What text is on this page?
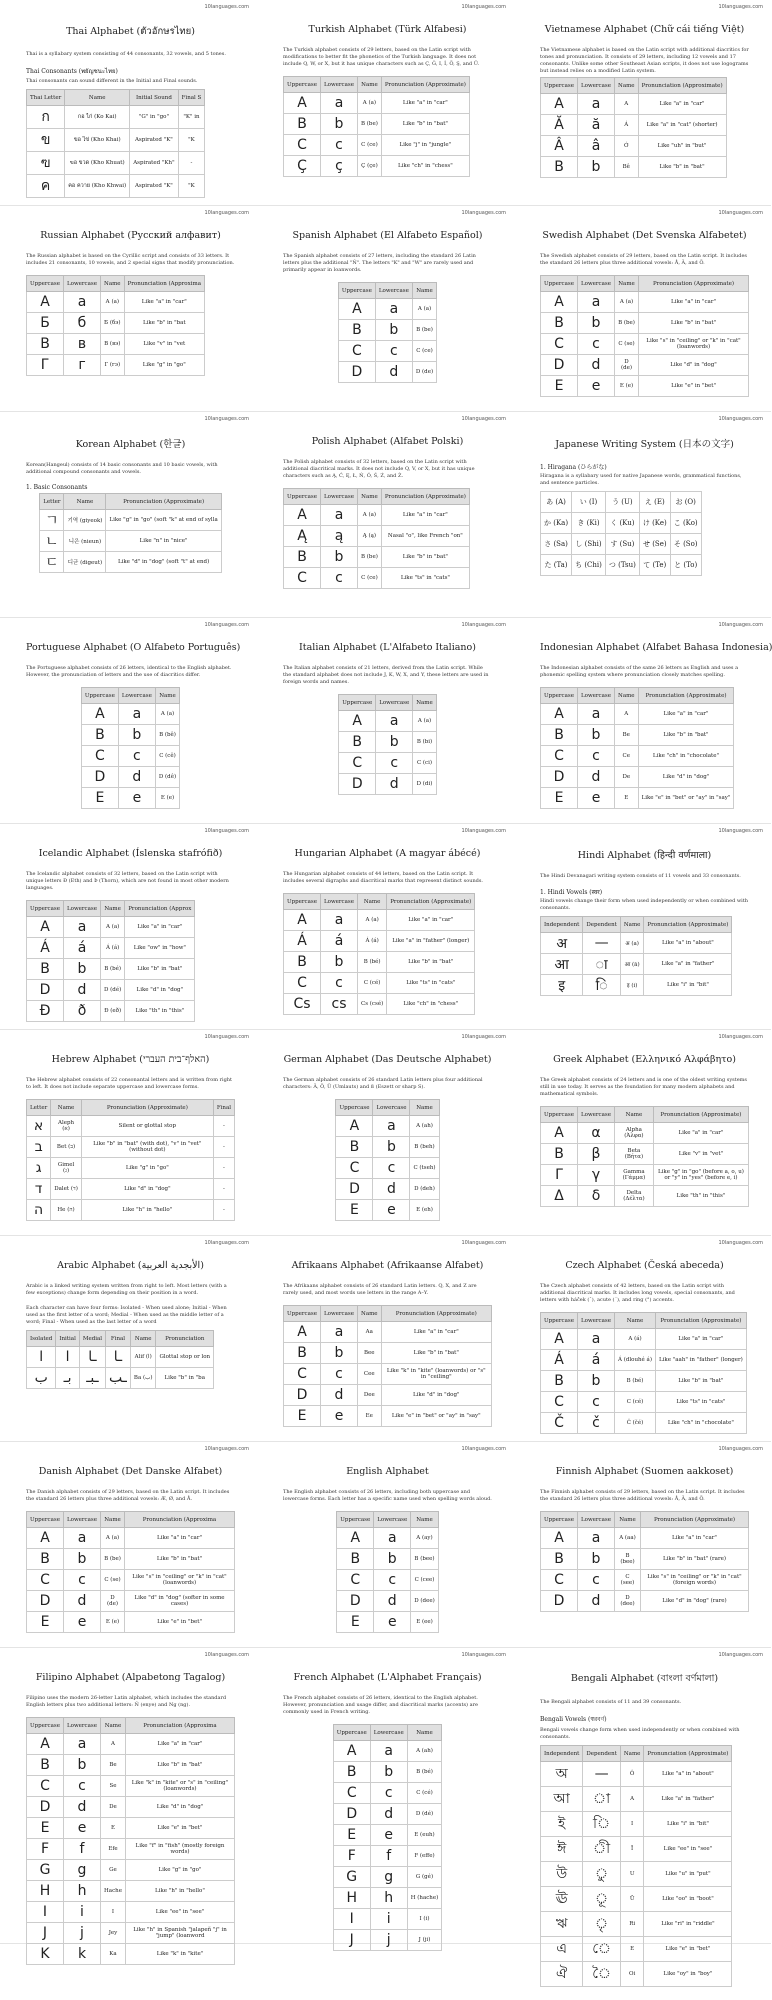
10languages.com
Thai Alphabet (ตัวอักษรไทย)
Thai is a syllabary system consisting of 44 consonants, 32 vowels, and 5 tones.
Thai Consonants (พยัญชนะไทย)
Thai consonants can sound different in the Initial and Final sounds.
Thai Letter	Name	Initial Sound	Final S
ก	กอ ไก่ (Ko Kai)	"G" in "go"	"K" in
ข	ขอ ไข่ (Kho Khai)	Aspirated "K"	"K
ฃ	ฃอ ขวด (Kho Khuat)	Aspirated "Kh"	-
ค	คอ ควาย (Kho Khwai)	Aspirated "K"	"K
10languages.com
Turkish Alphabet (Türk Alfabesi)
The Turkish alphabet consists of 29 letters, based on the Latin script with modifications to better fit the phonetics of the Turkish language. It does not include Q, W, or X, but it has unique characters such as Ç, Ğ, I, İ, Ö, Ş, and Ü.
Uppercase	Lowercase	Name	Pronunciation (Approximate)
A	a	A (a)	Like "a" in "car"
B	b	B (be)	Like "b" in "bat"
C	c	C (ce)	Like "j" in "jungle"
Ç	ç	Ç (çe)	Like "ch" in "chess"
10languages.com
Vietnamese Alphabet (Chữ cái tiếng Việt)
The Vietnamese alphabet is based on the Latin script with additional diacritics for tones and pronunciation. It consists of 29 letters, including 12 vowels and 17 consonants. Unlike some other Southeast Asian scripts, it does not use logograms but instead relies on a modified Latin system.
Uppercase	Lowercase	Name	Pronunciation (Approximate)
A	a	A	Like "a" in "car"
Ă	ă	Á	Like "a" in "cat" (shorter)
Â	â	Ớ	Like "uh" in "but"
B	b	Bê	Like "b" in "bat"
10languages.com
Russian Alphabet (Русский алфавит)
The Russian alphabet is based on the Cyrillic script and consists of 33 letters. It includes 21 consonants, 10 vowels, and 2 special signs that modify pronunciation.
Uppercase	Lowercase	Name	Pronunciation (Approxima
А	а	А (а)	Like "a" in "car"
Б	б	Б (бэ)	Like "b" in "bat
В	в	В (вэ)	Like "v" in "vet
Г	г	Г (гэ)	Like "g" in "go"
10languages.com
Spanish Alphabet (El Alfabeto Español)
The Spanish alphabet consists of 27 letters, including the standard 26 Latin letters plus the additional "Ñ". The letters "K" and "W" are rarely used and primarily appear in loanwords.
Uppercase	Lowercase	Name
A	a	A (a)
B	b	B (be)
C	c	C (ce)
D	d	D (de)
10languages.com
Swedish Alphabet (Det Svenska Alfabetet)
The Swedish alphabet consists of 29 letters, based on the Latin script. It includes the standard 26 letters plus three additional vowels: Å, Ä, and Ö.
Uppercase	Lowercase	Name	Pronunciation (Approximate)
A	a	A (a)	Like "a" in "car"
B	b	B (be)	Like "b" in "bat"
C	c	C (se)	Like "s" in "ceiling" or "k" in "cat" (loanwords)
D	d	D (de)	Like "d" in "dog"
E	e	E (e)	Like "e" in "bet"
10languages.com
Korean Alphabet (한글)
Korean(Hangeul) consists of 14 basic consonants and 10 basic vowels, with additional compound consonants and vowels.
1. Basic Consonants
Letter	Name	Pronunciation (Approximate)
ㄱ	기역 (giyeok)	Like "g" in "go" (soft "k" at end of sylla
ㄴ	니은 (nieun)	Like "n" in "nice"
ㄷ	디귿 (digeut)	Like "d" in "dog" (soft "t" at end)
10languages.com
Polish Alphabet (Alfabet Polski)
The Polish alphabet consists of 32 letters, based on the Latin script with additional diacritical marks. It does not include Q, V, or X, but it has unique characters such as Ą, Ć, Ę, Ł, Ń, Ó, Ś, Ź, and Ż.
Uppercase	Lowercase	Name	Pronunciation (Approximate)
A	a	A (a)	Like "a" in "car"
Ą	ą	Ą (ą)	Nasal "o", like French "on"
B	b	B (be)	Like "b" in "bat"
C	c	C (ce)	Like "ts" in "cats"
10languages.com
Japanese Writing System (日本の文字)
1. Hiragana (ひらがな)
Hiragana is a syllabary used for native Japanese words, grammatical functions, and sentence particles.
あ (A)	い (I)	う (U)	え (E)	お (O)
か (Ka)	き (Ki)	く (Ku)	け (Ke)	こ (Ko)
さ (Sa)	し (Shi)	す (Su)	せ (Se)	そ (So)
た (Ta)	ち (Chi)	つ (Tsu)	て (Te)	と (To)
10languages.com
Portuguese Alphabet (O Alfabeto Português)
The Portuguese alphabet consists of 26 letters, identical to the English alphabet. However, the pronunciation of letters and the use of diacritics differ.
Uppercase	Lowercase	Name
A	a	A (a)
B	b	B (bê)
C	c	C (cê)
D	d	D (dê)
E	e	E (e)
10languages.com
Italian Alphabet (L'Alfabeto Italiano)
The Italian alphabet consists of 21 letters, derived from the Latin script. While the standard alphabet does not include J, K, W, X, and Y, these letters are used in foreign words and names.
Uppercase	Lowercase	Name
A	a	A (a)
B	b	B (bi)
C	c	C (ci)
D	d	D (di)
10languages.com
Indonesian Alphabet (Alfabet Bahasa Indonesia)
The Indonesian alphabet consists of the same 26 letters as English and uses a phonemic spelling system where pronunciation closely matches spelling.
Uppercase	Lowercase	Name	Pronunciation (Approximate)
A	a	A	Like "a" in "car"
B	b	Be	Like "b" in "bat"
C	c	Ce	Like "ch" in "chocolate"
D	d	De	Like "d" in "dog"
E	e	E	Like "e" in "bet" or "ay" in "say"
10languages.com
Icelandic Alphabet (Íslenska stafrófið)
The Icelandic alphabet consists of 32 letters, based on the Latin script with unique letters Ð (Eth) and Þ (Thorn), which are not found in most other modern languages.
Uppercase	Lowercase	Name	Pronunciation (Approx
A	a	A (a)	Like "a" in "car"
Á	á	Á (á)	Like "ow" in "how"
B	b	B (bé)	Like "b" in "bat"
D	d	D (dé)	Like "d" in "dog"
Ð	ð	Ð (eð)	Like "th" in "this"
10languages.com
Hungarian Alphabet (A magyar ábécé)
The Hungarian alphabet consists of 44 letters, based on the Latin script. It includes several digraphs and diacritical marks that represent distinct sounds.
Uppercase	Lowercase	Name	Pronunciation (Approximate)
A	a	A (a)	Like "a" in "car"
Á	á	Á (á)	Like "a" in "father" (longer)
B	b	B (bé)	Like "b" in "bat"
C	c	C (cé)	Like "ts" in "cats"
Cs	cs	Cs (csé)	Like "ch" in "chess"
10languages.com
Hindi Alphabet (हिन्दी वर्णमाला)
The Hindi Devanagari writing system consists of 11 vowels and 33 consonants.
1. Hindi Vowels (स्वर)
Hindi vowels change their form when used independently or when combined with consonants.
Independent	Dependent	Name	Pronunciation (Approximate)
अ	—	अ (a)	Like "a" in "about"
आ	ा	आ (ā)	Like "a" in "father"
इ	ि	इ (i)	Like "i" in "bit"
10languages.com
Hebrew Alphabet (האלף־בית העברי)
The Hebrew alphabet consists of 22 consonantal letters and is written from right to left. It does not include separate uppercase and lowercase forms.
Letter	Name	Pronunciation (Approximate)	Final
א	Aleph (א)	Silent or glottal stop	-
ב	Bet (ב)	Like "b" in "bat" (with dot), "v" in "vet" (without dot)	-
ג	Gimel (ג)	Like "g" in "go"	-
ד	Dalet (ד)	Like "d" in "dog"	-
ה	He (ה)	Like "h" in "hello"	-
10languages.com
German Alphabet (Das Deutsche Alphabet)
The German alphabet consists of 26 standard Latin letters plus four additional characters: Ä, Ö, Ü (Umlauts) and ß (Eszett or sharp S).
Uppercase	Lowercase	Name
A	a	A (ah)
B	b	B (beh)
C	c	C (tseh)
D	d	D (deh)
E	e	E (eh)
10languages.com
Greek Alphabet (Ελληνικό Αλφάβητο)
The Greek alphabet consists of 24 letters and is one of the oldest writing systems still in use today. It serves as the foundation for many modern alphabets and mathematical symbols.
Uppercase	Lowercase	Name	Pronunciation (Approximate)
Α	α	Alpha (Άλφα)	Like "a" in "car"
Β	β	Beta (Βήτα)	Like "v" in "vet"
Γ	γ	Gamma (Γάμμα)	Like "g" in "go" (before a, o, u) or "y" in "yes" (before e, i)
Δ	δ	Delta (Δέλτα)	Like "th" in "this"
10languages.com
Arabic Alphabet (الأبجدية العربية)
Arabic is a linked writing system written from right to left. Most letters (with a few exceptions) change form depending on their position in a word.
Each character can have four forms: Isolated - When used alone; Initial - When used as the first letter of a word; Medial - When used as the middle letter of a word; Final - When used as the last letter of a word
Isolated	Initial	Medial	Final	Name	Pronunciation
ا	ا	ـا	ـا	Alif (ا)	Glottal stop or lon
ب	بـ	ـبـ	ـب	Ba (ب)	Like "b" in "ba
10languages.com
Afrikaans Alphabet (Afrikaanse Alfabet)
The Afrikaans alphabet consists of 26 standard Latin letters. Q, X, and Z are rarely used, and most words use letters in the range A–Y.
Uppercase	Lowercase	Name	Pronunciation (Approximate)
A	a	Aa	Like "a" in "car"
B	b	Bee	Like "b" in "bat"
C	c	Cee	Like "k" in "kite" (loanwords) or "s" in "ceiling"
D	d	Dee	Like "d" in "dog"
E	e	Ee	Like "e" in "bet" or "ay" in "say"
10languages.com
Czech Alphabet (Česká abeceda)
The Czech alphabet consists of 42 letters, based on the Latin script with additional diacritical marks. It includes long vowels, special consonants, and letters with háček (ˇ), acute (´), and ring (°) accents.
Uppercase	Lowercase	Name	Pronunciation (Approximate)
A	a	A (á)	Like "a" in "car"
Á	á	Á (dlouhé á)	Like "aah" in "father" (longer)
B	b	B (bé)	Like "b" in "bat"
C	c	C (cé)	Like "ts" in "cats"
Č	č	Č (čé)	Like "ch" in "chocolate"
10languages.com
Danish Alphabet (Det Danske Alfabet)
The Danish alphabet consists of 29 letters, based on the Latin script. It includes the standard 26 letters plus three additional vowels: Æ, Ø, and Å.
Uppercase	Lowercase	Name	Pronunciation (Approxima
A	a	A (a)	Like "a" in "car"
B	b	B (be)	Like "b" in "bat"
C	c	C (se)	Like "s" in "ceiling" or "k" in "cat" (loanwords)
D	d	D (de)	Like "d" in "dog" (softer in some cases)
E	e	E (e)	Like "e" in "bet"
10languages.com
English Alphabet
The English alphabet consists of 26 letters, including both uppercase and lowercase forms. Each letter has a specific name used when spelling words aloud.
Uppercase	Lowercase	Name
A	a	A (ay)
B	b	B (bee)
C	c	C (cee)
D	d	D (dee)
E	e	E (ee)
10languages.com
Finnish Alphabet (Suomen aakkoset)
The Finnish alphabet consists of 29 letters, based on the Latin script. It includes the standard 26 letters plus three additional vowels: Å, Ä, and Ö.
Uppercase	Lowercase	Name	Pronunciation (Approximate)
A	a	A (aa)	Like "a" in "car"
B	b	B (bee)	Like "b" in "bat" (rare)
C	c	C (see)	Like "s" in "ceiling" or "k" in "cat" (foreign words)
D	d	D (dee)	Like "d" in "dog" (rare)
10languages.com
Filipino Alphabet (Alpabetong Tagalog)
Filipino uses the modern 26-letter Latin alphabet, which includes the standard English letters plus two additional letters: Ñ (enye) and Ng (ng).
Uppercase	Lowercase	Name	Pronunciation (Approxima
A	a	A	Like "a" in "car"
B	b	Be	Like "b" in "bat"
C	c	Se	Like "k" in "kite" or "s" in "ceiling" (loanwords)
D	d	De	Like "d" in "dog"
E	e	E	Like "e" in "bet"
F	f	Efe	Like "f" in "fish" (mostly foreign words)
G	g	Ge	Like "g" in "go"
H	h	Hache	Like "h" in "hello"
I	i	I	Like "ee" in "see"
J	j	Jey	Like "h" in Spanish "jalapeñ "j" in "jump" (loanword
K	k	Ka	Like "k" in "kite"
10languages.com
French Alphabet (L'Alphabet Français)
The French alphabet consists of 26 letters, identical to the English alphabet. However, pronunciation and usage differ, and diacritical marks (accents) are commonly used in French writing.
Uppercase	Lowercase	Name
A	a	A (ah)
B	b	B (bé)
C	c	C (cé)
D	d	D (dé)
E	e	E (euh)
F	f	F (effe)
G	g	G (gé)
H	h	H (hache)
I	i	I (i)
J	j	J (ji)
10languages.com
Bengali Alphabet (বাংলা বর্ণমালা)
The Bengali alphabet consists of 11 and 39 consonants.
Bengali Vowels (স্বরবর্ণ)
Bengali vowels change form when used independently or when combined with consonants.
Independent	Dependent	Name	Pronunciation (Approximate)
অ	—	Ô	Like "a" in "about"
আ	া	A	Like "a" in "father"
ই	ি	I	Like "i" in "bit"
ঈ	ী	Ī	Like "ee" in "see"
উ	ু	U	Like "u" in "put"
ঊ	ূ	Ū	Like "oo" in "boot"
ঋ	ৃ	Ri	Like "ri" in "riddle"
এ	ে	E	Like "e" in "bet"
ঐ	ৈ	Oi	Like "oy" in "boy"
